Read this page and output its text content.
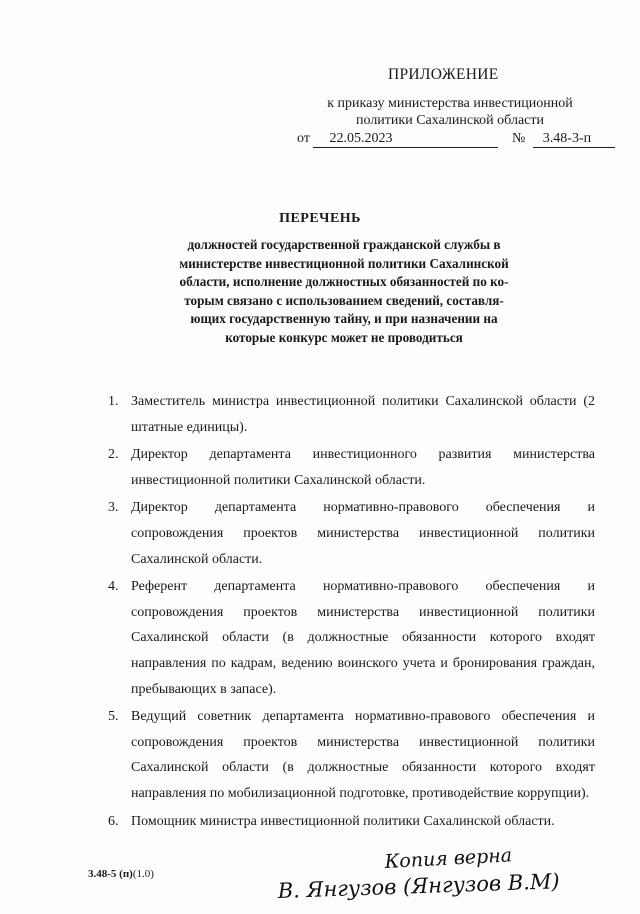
ПРИЛОЖЕНИЕ
к приказу министерства инвестиционной
политики Сахалинской области
от 22.05.2023	№ 3.48-3-п
ПЕРЕЧЕНЬ
должностей государственной гражданской службы в
министерстве инвестиционной политики Сахалинской
области, исполнение должностных обязанностей по ко-
торым связано с использованием сведений, составля-
ющих государственную тайну, и при назначении на
которые конкурс может не проводиться
1. Заместитель министра инвестиционной политики Сахалинской области (2 штатные единицы).
2. Директор департамента инвестиционного развития министерства инвестиционной политики Сахалинской области.
3. Директор департамента нормативно-правового обеспечения и сопровождения проектов министерства инвестиционной политики Сахалинской области.
4. Референт департамента нормативно-правового обеспечения и сопровождения проектов министерства инвестиционной политики Сахалинской области (в должностные обязанности которого входят направления по кадрам, ведению воинского учета и бронирования граждан, пребывающих в запасе).
5. Ведущий советник департамента нормативно-правового обеспечения и сопровождения проектов министерства инвестиционной политики Сахалинской области (в должностные обязанности которого входят направления по мобилизационной подготовке, противодействие коррупции).
6. Помощник министра инвестиционной политики Сахалинской области.
3.48-5 (п)(1.0)
Копия верна
В. Янгузов (Янгузов В.М)
